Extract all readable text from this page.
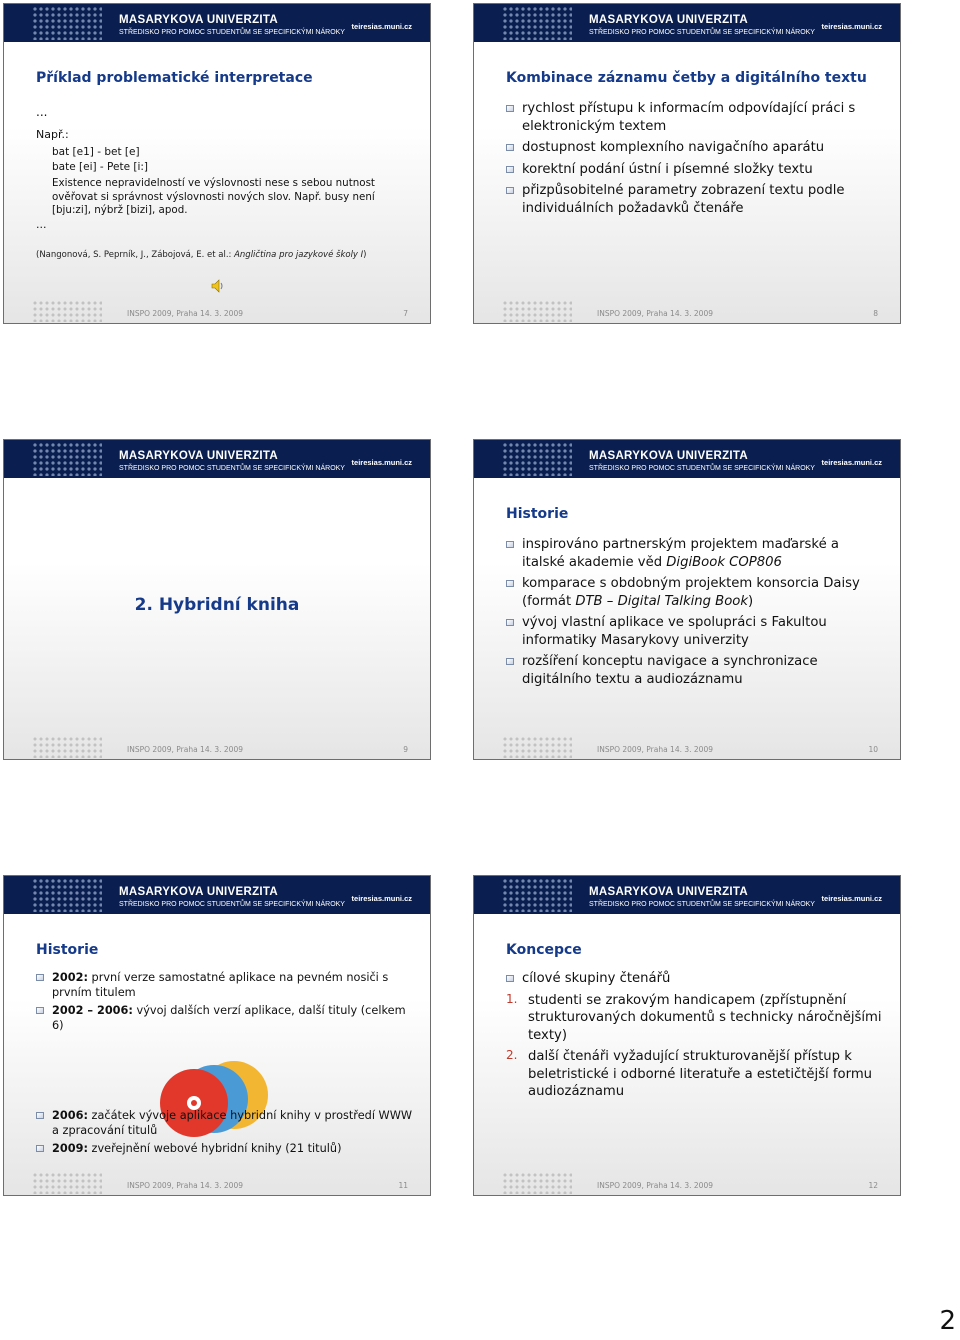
Příklad problematické interpretace
...
Např.:
bat [e1] - bet [e]
bate [ei] - Pete [i:]
Existence nepravidelností ve výslovnosti nese s sebou nutnost ověřovat si správnost výslovnosti nových slov. Např. busy není [bju:zi], nýbrž [bizi], apod.
...
(Nangonová, S. Peprník, J., Zábojová, E. et al.: Angličtina pro jazykové školy I)
MASARYKOVA UNIVERZITA
STŘEDISKO PRO POMOC STUDENTŮM SE SPECIFICKÝMI NÁROKY
teiresias.muni.cz
INSPO 2009, Praha 14. 3. 2009	7
Kombinace záznamu četby a digitálního textu
rychlost přístupu k informacím odpovídající práci s elektronickým textem
dostupnost komplexního navigačního aparátu
korektní podání ústní i písemné složky textu
přizpůsobitelné parametry zobrazení textu podle individuálních požadavků čtenáře
MASARYKOVA UNIVERZITA
STŘEDISKO PRO POMOC STUDENTŮM SE SPECIFICKÝMI NÁROKY
teiresias.muni.cz
INSPO 2009, Praha 14. 3. 2009	8
2. Hybridní kniha
MASARYKOVA UNIVERZITA
STŘEDISKO PRO POMOC STUDENTŮM SE SPECIFICKÝMI NÁROKY
teiresias.muni.cz
INSPO 2009, Praha 14. 3. 2009	9
Historie
inspirováno partnerským projektem maďarské a italské akademie věd DigiBook COP806
komparace s obdobným projektem konsorcia Daisy (formát DTB – Digital Talking Book)
vývoj vlastní aplikace ve spolupráci s Fakultou informatiky Masarykovy univerzity
rozšíření konceptu navigace a synchronizace digitálního textu a audiozáznamu
MASARYKOVA UNIVERZITA
STŘEDISKO PRO POMOC STUDENTŮM SE SPECIFICKÝMI NÁROKY
teiresias.muni.cz
INSPO 2009, Praha 14. 3. 2009	10
Historie
2002: první verze samostatné aplikace na pevném nosiči s prvním titulem
2002 – 2006: vývoj dalších verzí aplikace, další tituly (celkem 6)
2006: začátek vývoje aplikace hybridní knihy v prostředí WWW a zpracování titulů
2009: zveřejnění webové hybridní knihy (21 titulů)
MASARYKOVA UNIVERZITA
STŘEDISKO PRO POMOC STUDENTŮM SE SPECIFICKÝMI NÁROKY
teiresias.muni.cz
INSPO 2009, Praha 14. 3. 2009	11
Koncepce
cílové skupiny čtenářů
1. studenti se zrakovým handicapem (zpřístupnění strukturovaných dokumentů s technicky náročnějšími texty)
2. další čtenáři vyžadující strukturovanější přístup k beletristické i odborné literatuře a estetičtější formu audiozáznamu
MASARYKOVA UNIVERZITA
STŘEDISKO PRO POMOC STUDENTŮM SE SPECIFICKÝMI NÁROKY
teiresias.muni.cz
INSPO 2009, Praha 14. 3. 2009	12
2
